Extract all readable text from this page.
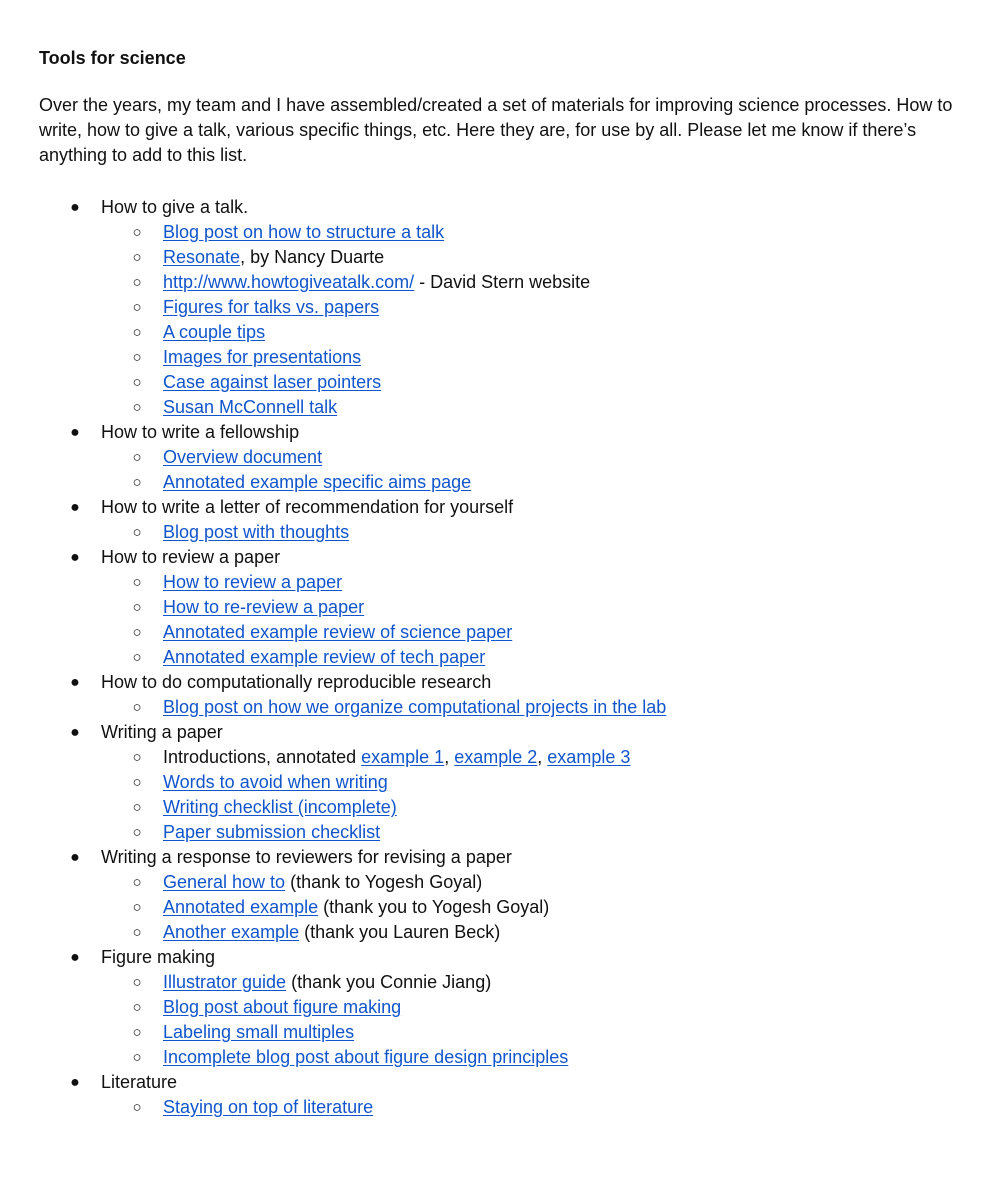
Tools for science

Over the years, my team and I have assembled/created a set of materials for improving science processes. How to write, how to give a talk, various specific things, etc. Here they are, for use by all. Please let me know if there’s anything to add to this list.

● How to give a talk.
○	Blog post on how to structure a talk
○	Resonate, by Nancy Duarte
○	http://www.howtogiveatalk.com/ - David Stern website
○	Figures for talks vs. papers
○	A couple tips
○	Images for presentations
○	Case against laser pointers
○	Susan McConnell talk
● How to write a fellowship
○	Overview document
○	Annotated example specific aims page
● How to write a letter of recommendation for yourself
○	Blog post with thoughts
● How to review a paper
○	How to review a paper
○	How to re-review a paper
○	Annotated example review of science paper
○	Annotated example review of tech paper
● How to do computationally reproducible research
○	Blog post on how we organize computational projects in the lab
● Writing a paper
○	Introductions, annotated example 1, example 2, example 3
○	Words to avoid when writing
○	Writing checklist (incomplete)
○	Paper submission checklist
● Writing a response to reviewers for revising a paper
○	General how to (thank to Yogesh Goyal)
○	Annotated example (thank you to Yogesh Goyal)
○	Another example (thank you Lauren Beck)
● Figure making
○	Illustrator guide (thank you Connie Jiang)
○	Blog post about figure making
○	Labeling small multiples
○	Incomplete blog post about figure design principles
● Literature
○	Staying on top of literature
